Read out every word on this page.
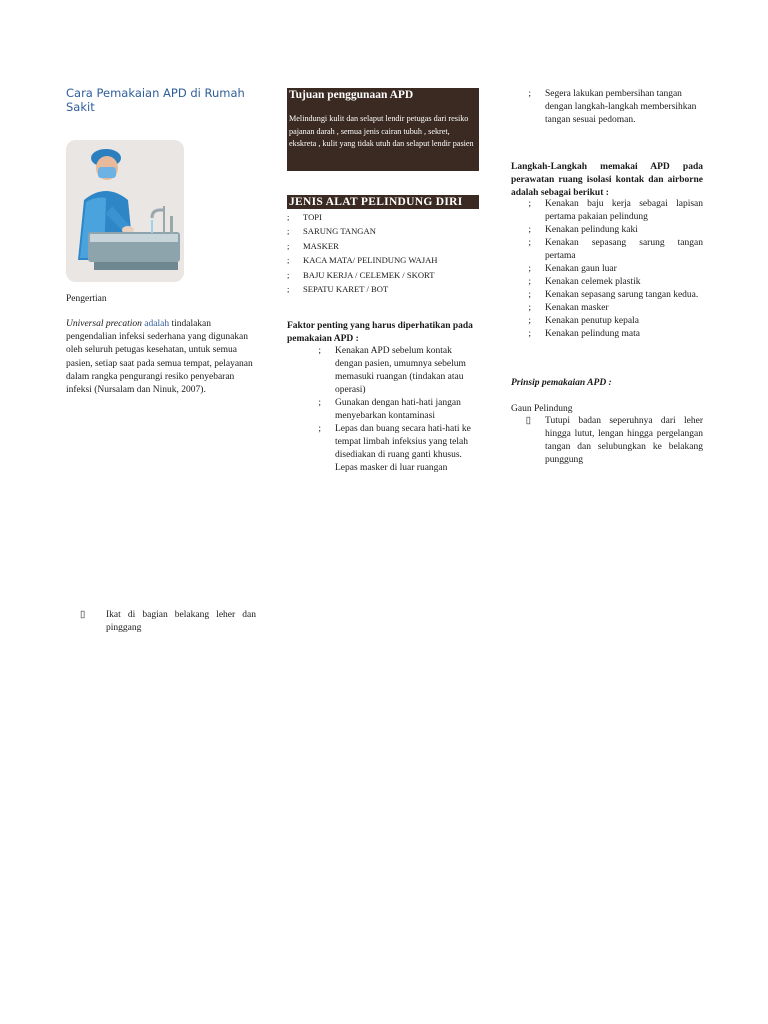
Cara Pemakaian APD di Rumah Sakit
Pengertian
Universal precation adalah tindalakan pengendalian infeksi sederhana yang digunakan oleh seluruh petugas kesehatan, untuk semua pasien, setiap saat pada semua tempat, pelayanan dalam rangka pengurangi resiko penyebaran infeksi (Nursalam dan Ninuk, 2007).
▯	Ikat di bagian belakang leher dan pinggang
Tujuan penggunaan APD
Melindungi kulit dan selaput lendir petugas dari resiko pajanan darah , semua jenis cairan tubuh , sekret, ekskreta , kulit yang tidak utuh dan selaput lendir pasien
JENIS ALAT PELINDUNG DIRI
;	TOPI
;	SARUNG TANGAN
;	MASKER
;	KACA MATA/ PELINDUNG WAJAH
;	BAJU KERJA / CELEMEK / SKORT
;	SEPATU KARET / BOT
Faktor penting yang harus diperhatikan pada pemakaian APD :
;	Kenakan APD sebelum kontak dengan pasien, umumnya sebelum memasuki ruangan (tindakan atau operasi)
;	Gunakan dengan hati-hati jangan menyebarkan kontaminasi
;	Lepas dan buang secara hati-hati ke tempat limbah infeksius yang telah disediakan di ruang ganti khusus. Lepas masker di luar ruangan
;	Segera lakukan pembersihan tangan dengan langkah-langkah membersihkan tangan sesuai pedoman.
Langkah-Langkah memakai APD pada perawatan ruang isolasi kontak dan airborne adalah sebagai berikut :
;	Kenakan baju kerja sebagai lapisan pertama pakaian pelindung
;	Kenakan pelindung kaki
;	Kenakan sepasang sarung tangan pertama
;	Kenakan gaun luar
;	Kenakan celemek plastik
;	Kenakan sepasang sarung tangan kedua.
;	Kenakan masker
;	Kenakan penutup kepala
;	Kenakan pelindung mata
Prinsip pemakaian APD :
Gaun Pelindung
▯	Tutupi badan seperuhnya dari leher hingga lutut, lengan hingga pergelangan tangan dan selubungkan ke belakang punggung
